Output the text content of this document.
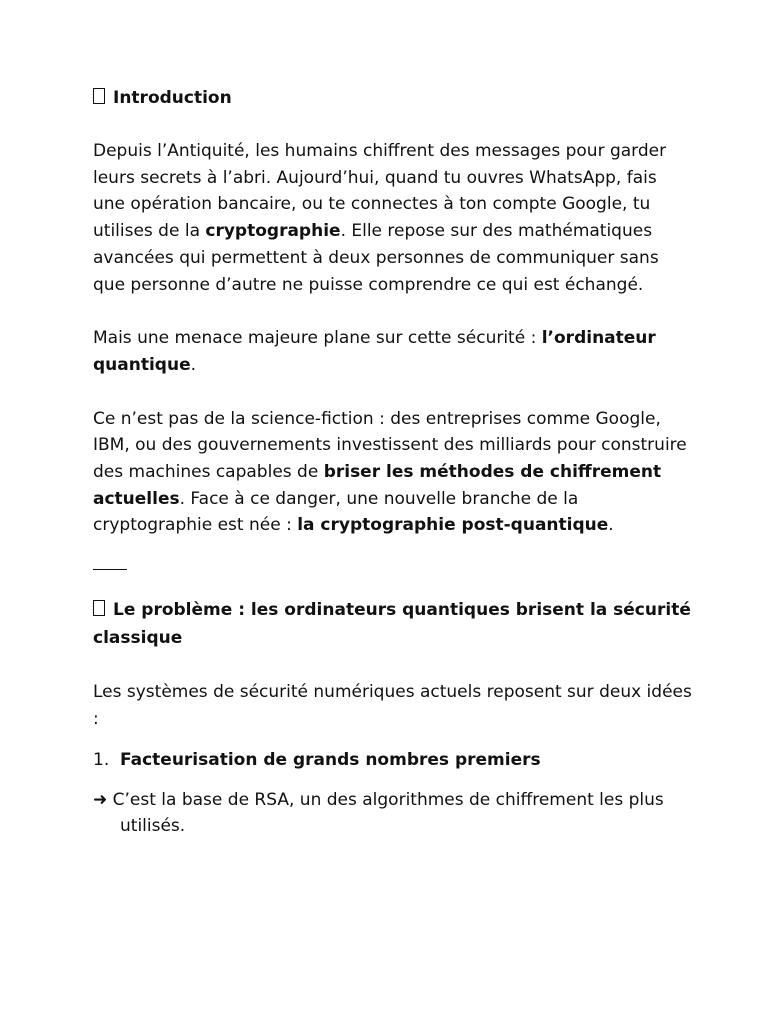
Introduction

Depuis l’Antiquité, les humains chiffrent des messages pour garder leurs secrets à l’abri. Aujourd’hui, quand tu ouvres WhatsApp, fais une opération bancaire, ou te connectes à ton compte Google, tu utilises de la cryptographie. Elle repose sur des mathématiques avancées qui permettent à deux personnes de communiquer sans que personne d’autre ne puisse comprendre ce qui est échangé.

Mais une menace majeure plane sur cette sécurité : l’ordinateur quantique.

Ce n’est pas de la science-fiction : des entreprises comme Google, IBM, ou des gouvernements investissent des milliards pour construire des machines capables de briser les méthodes de chiffrement actuelles. Face à ce danger, une nouvelle branche de la cryptographie est née : la cryptographie post-quantique.

Le problème : les ordinateurs quantiques brisent la sécurité classique

Les systèmes de sécurité numériques actuels reposent sur deux idées :

1. Facteurisation de grands nombres premiers

➜ C’est la base de RSA, un des algorithmes de chiffrement les plus utilisés.
